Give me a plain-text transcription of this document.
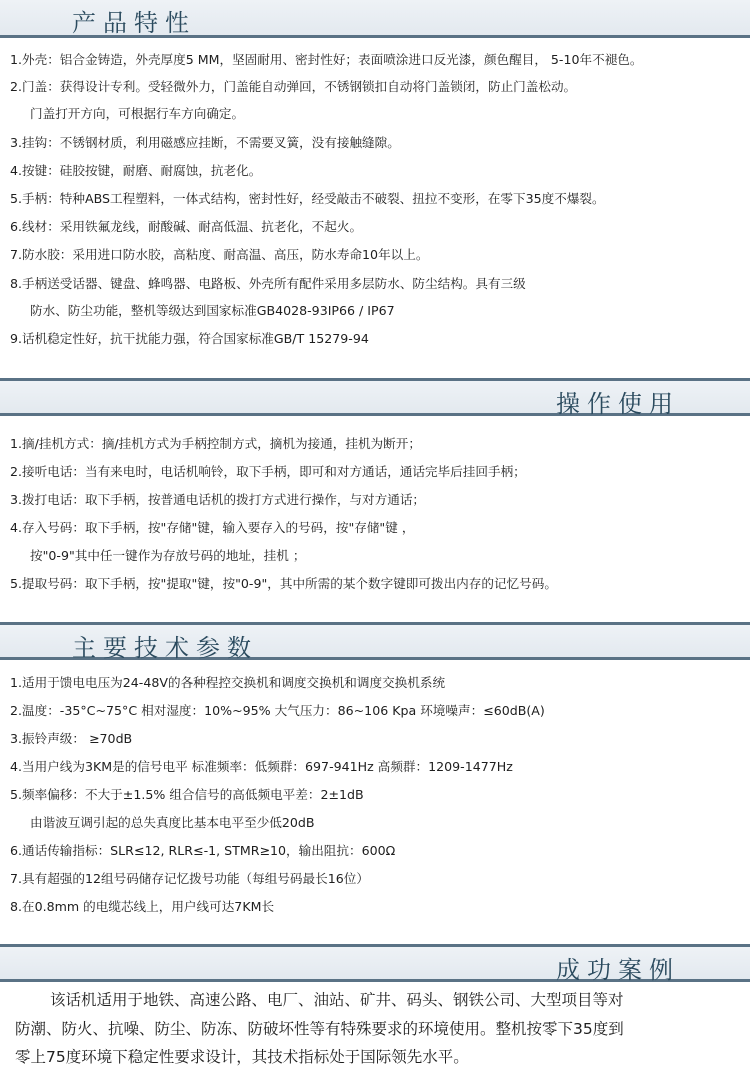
产品特性
1.外壳：铝合金铸造，外壳厚度5 MM，坚固耐用、密封性好；表面喷涂进口反光漆，颜色醒目， 5-10年不褪色。
2.门盖：获得设计专利。受轻微外力，门盖能自动弹回，不锈钢锁扣自动将门盖锁闭，防止门盖松动。
门盖打开方向，可根据行车方向确定。
3.挂钩：不锈钢材质，利用磁感应挂断，不需要叉簧，没有接触缝隙。
4.按键：硅胶按键，耐磨、耐腐蚀，抗老化。
5.手柄：特种ABS工程塑料，一体式结构，密封性好，经受敲击不破裂、扭拉不变形，在零下35度不爆裂。
6.线材：采用铁氟龙线，耐酸碱、耐高低温、抗老化，不起火。
7.防水胶：采用进口防水胶，高粘度、耐高温、高压，防水寿命10年以上。
8.手柄送受话器、键盘、蜂鸣器、电路板、外壳所有配件采用多层防水、防尘结构。具有三级
防水、防尘功能，整机等级达到国家标准GB4028-93IP66 / IP67
9.话机稳定性好，抗干扰能力强，符合国家标准GB/T 15279-94
操作使用
1.摘/挂机方式：摘/挂机方式为手柄控制方式，摘机为接通，挂机为断开；
2.接听电话：当有来电时，电话机响铃，取下手柄，即可和对方通话，通话完毕后挂回手柄；
3.拨打电话：取下手柄，按普通电话机的拨打方式进行操作，与对方通话；
4.存入号码：取下手柄，按"存储"键，输入要存入的号码，按"存储"键 ，
按"0-9"其中任一键作为存放号码的地址，挂机 ；
5.提取号码：取下手柄，按"提取"键，按"0-9"，其中所需的某个数字键即可拨出内存的记忆号码。
主要技术参数
1.适用于馈电电压为24-48V的各种程控交换机和调度交换机和调度交换机系统
2.温度：-35°C~75°C 相对湿度：10%~95% 大气压力：86~106 Kpa 环境噪声：≤60dB(A)
3.振铃声级： ≥70dB
4.当用户线为3KM是的信号电平 标准频率：低频群：697-941Hz 高频群：1209-1477Hz
5.频率偏移：不大于±1.5% 组合信号的高低频电平差：2±1dB
由谐波互调引起的总失真度比基本电平至少低20dB
6.通话传输指标：SLR≤12, RLR≤-1, STMR≥10，输出阻抗：600Ω
7.具有超强的12组号码储存记忆拨号功能（每组号码最长16位）
8.在0.8mm 的电缆芯线上，用户线可达7KM长
成功案例
该话机适用于地铁、高速公路、电厂、油站、矿井、码头、钢铁公司、大型项目等对
防潮、防火、抗噪、防尘、防冻、防破坏性等有特殊要求的环境使用。整机按零下35度到
零上75度环境下稳定性要求设计，其技术指标处于国际领先水平。
